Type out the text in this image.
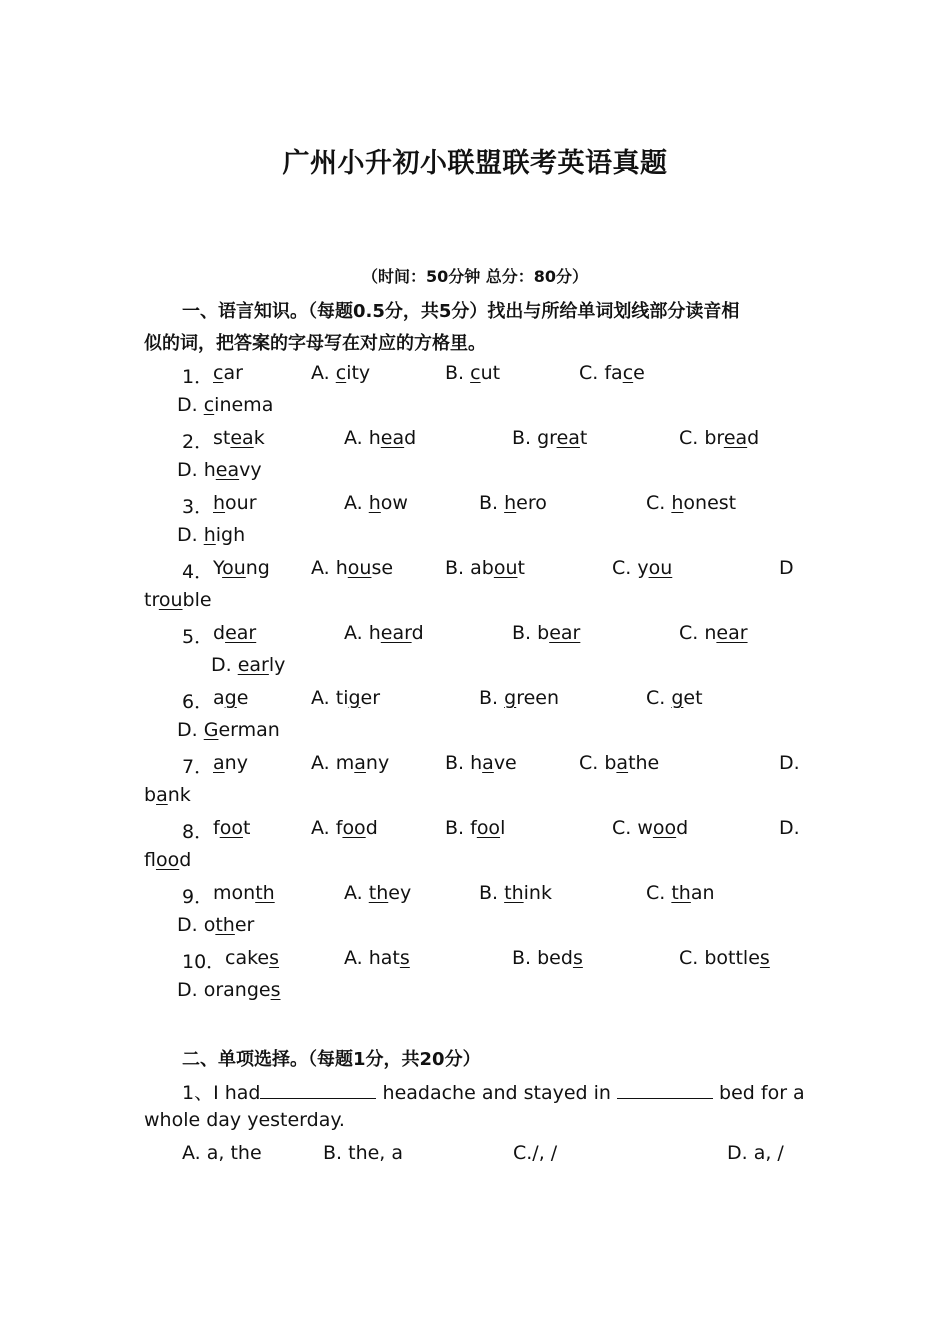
广州小升初小联盟联考英语真题
（时间：50分钟 总分：80分）
一、语言知识。（每题0.5分，共5分）找出与所给单词划线部分读音相
似的词，把答案的字母写在对应的方格里。
1． car	A. city	B. cut	C. face
D. cinema
2． steak	A. head	B. great	C. bread
D. heavy
3． hour	A. how	B. hero	C. honest
D. high
4． Young A. house	B. about	C. you	D
trouble
5． dear	A. heard	B. bear	C. near
D. early
6． age	A. tiger	B. green	C. get
D. German
7． any	A. many	B. have	C. bathe	D.
bank
8． foot	A. food	B. fool	C. wood	D.
flood
9． month	A. they	B. think	C. than
D. other
10． cakes	A. hats	B. beds	C. bottles
D. oranges
二、单项选择。（每题1分，共20分）
1、I had	headache and stayed in	bed for a
whole day yesterday.
A. a, the	B. the, a	C./, /	D. a, /
